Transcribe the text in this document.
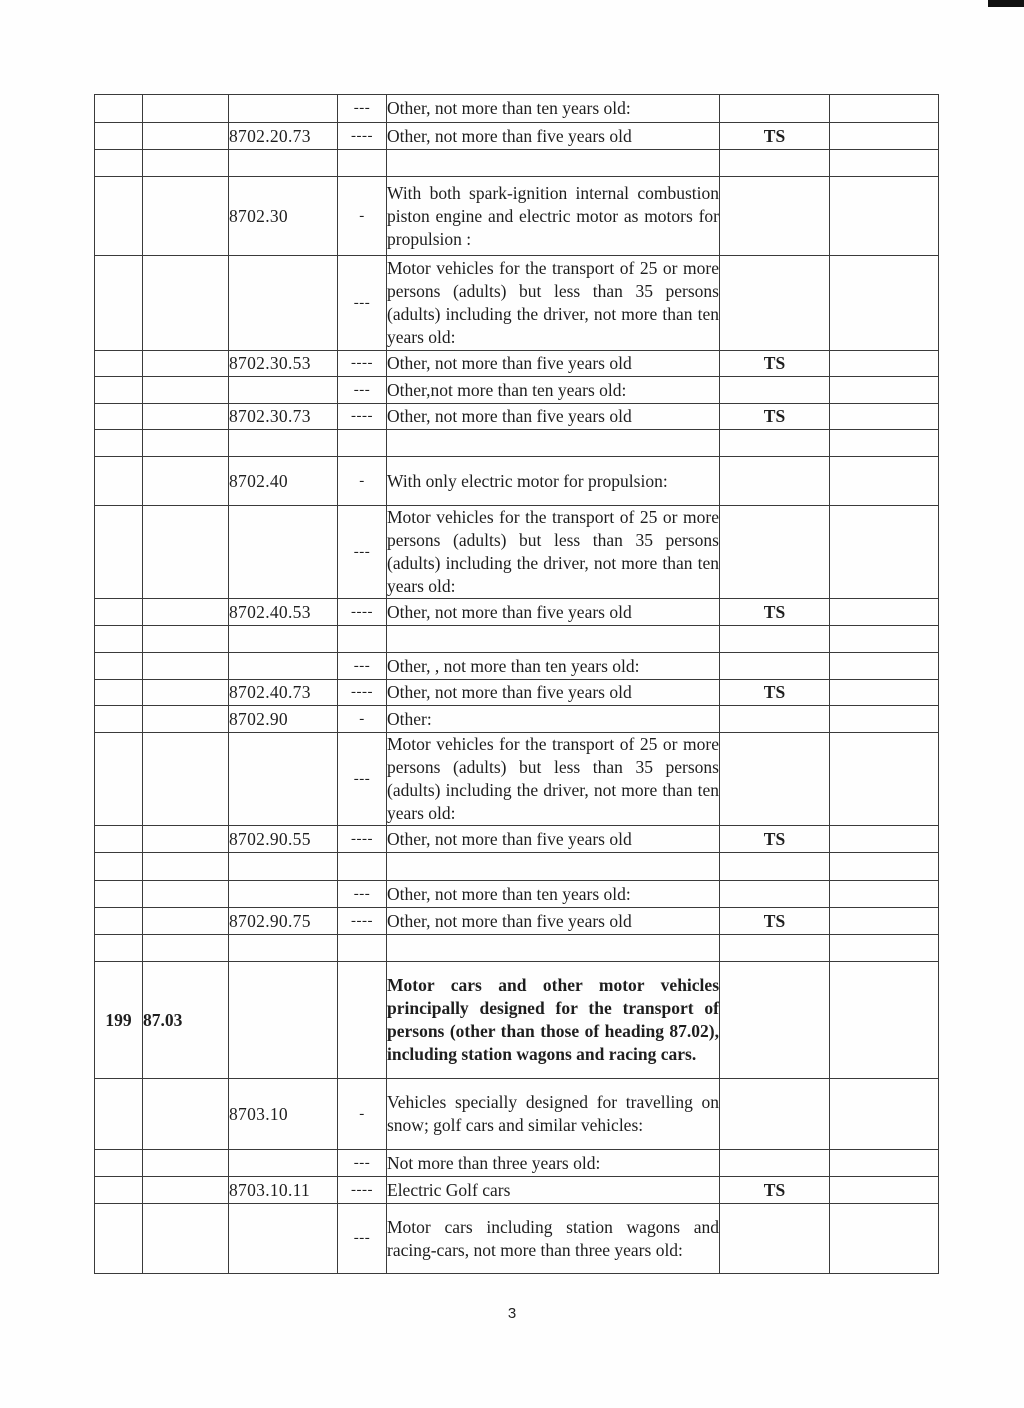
			---	Other, not more than ten years old:		
		8702.20.73	----	Other, not more than five years old	TS	

		8702.30	-	With both spark-ignition internal combustion piston engine and electric motor as motors for propulsion :		
			---	Motor vehicles for the transport of 25 or more persons (adults) but less than 35 persons (adults) including the driver, not more than ten years old:		
		8702.30.53	----	Other, not more than five years old	TS	
			---	Other,not more than ten years old:		
		8702.30.73	----	Other, not more than five years old	TS	

		8702.40	-	With only electric motor for propulsion:		
			---	Motor vehicles for the transport of 25 or more persons (adults) but less than 35 persons (adults) including the driver, not more than ten years old:		
		8702.40.53	----	Other, not more than five years old	TS	

			---	Other, , not more than ten years old:		
		8702.40.73	----	Other, not more than five years old	TS	
		8702.90	-	Other:		
			---	Motor vehicles for the transport of 25 or more persons (adults) but less than 35 persons (adults) including the driver, not more than ten years old:		
		8702.90.55	----	Other, not more than five years old	TS	

			---	Other, not more than ten years old:		
		8702.90.75	----	Other, not more than five years old	TS	

199	87.03			Motor cars and other motor vehicles principally designed for the transport of persons (other than those of heading 87.02), including station wagons and racing cars.		
		8703.10	-	Vehicles specially designed for travelling on snow; golf cars and similar vehicles:		
			---	Not more than three years old:		
		8703.10.11	----	Electric Golf cars	TS	
			---	Motor cars including station wagons and racing-cars, not more than three years old:		
3
